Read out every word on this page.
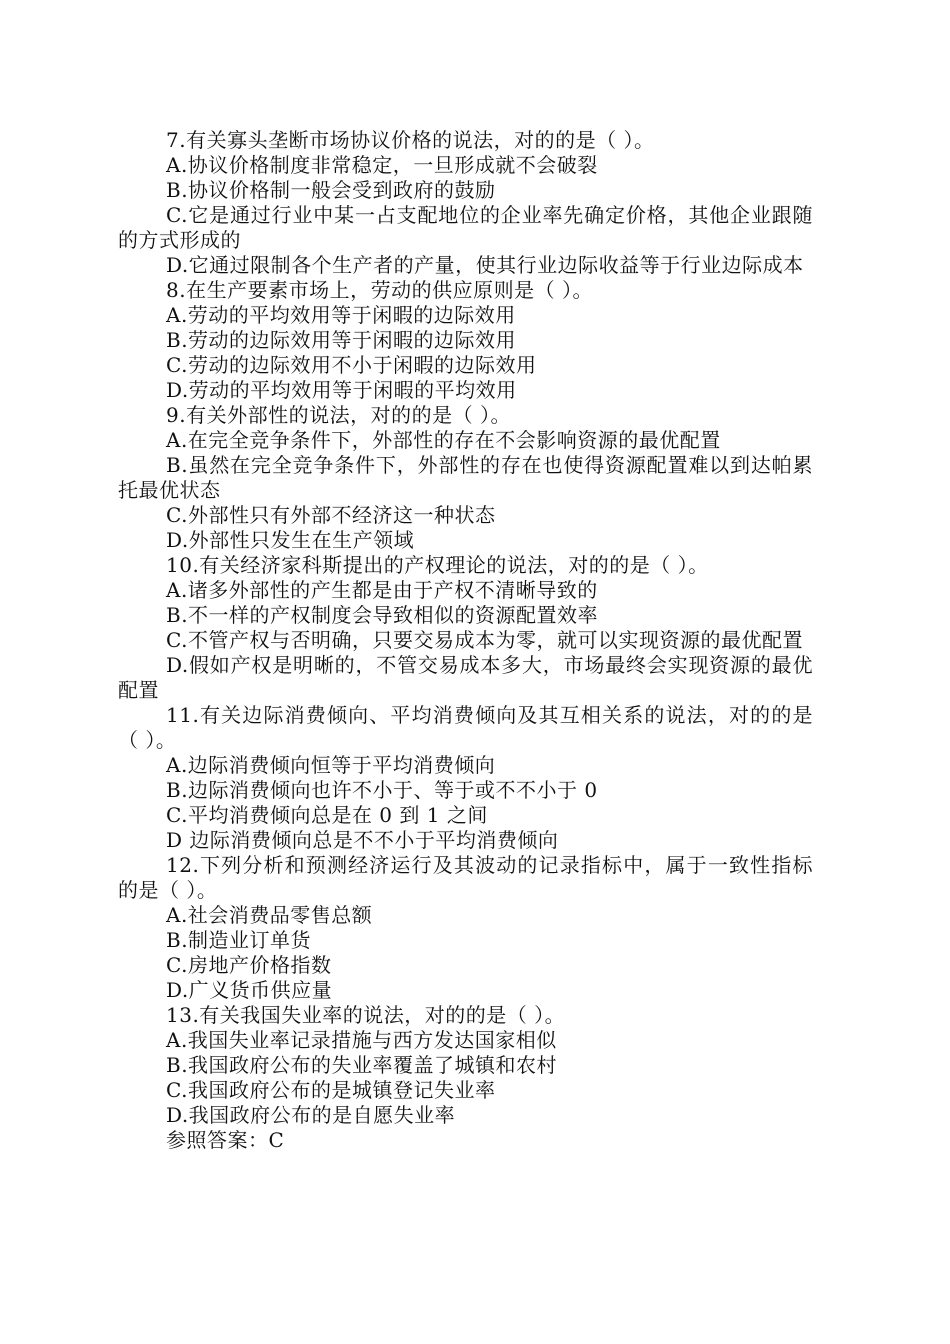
7.有关寡头垄断市场协议价格的说法，对的的是（ ）。
A.协议价格制度非常稳定，一旦形成就不会破裂
B.协议价格制一般会受到政府的鼓励
C.它是通过行业中某一占支配地位的企业率先确定价格，其他企业跟随的方式形成的
D.它通过限制各个生产者的产量，使其行业边际收益等于行业边际成本
8.在生产要素市场上，劳动的供应原则是（ ）。
A.劳动的平均效用等于闲暇的边际效用
B.劳动的边际效用等于闲暇的边际效用
C.劳动的边际效用不小于闲暇的边际效用
D.劳动的平均效用等于闲暇的平均效用
9.有关外部性的说法，对的的是（ ）。
A.在完全竞争条件下，外部性的存在不会影响资源的最优配置
B.虽然在完全竞争条件下，外部性的存在也使得资源配置难以到达帕累托最优状态
C.外部性只有外部不经济这一种状态
D.外部性只发生在生产领域
10.有关经济家科斯提出的产权理论的说法，对的的是（ ）。
A.诸多外部性的产生都是由于产权不清晰导致的
B.不一样的产权制度会导致相似的资源配置效率
C.不管产权与否明确，只要交易成本为零，就可以实现资源的最优配置
D.假如产权是明晰的，不管交易成本多大，市场最终会实现资源的最优配置
11.有关边际消费倾向、平均消费倾向及其互相关系的说法，对的的是（ ）。
A.边际消费倾向恒等于平均消费倾向
B.边际消费倾向也许不小于、等于或不不小于 0
C.平均消费倾向总是在 0 到 1 之间
D 边际消费倾向总是不不小于平均消费倾向
12.下列分析和预测经济运行及其波动的记录指标中，属于一致性指标的是（ ）。
A.社会消费品零售总额
B.制造业订单货
C.房地产价格指数
D.广义货币供应量
13.有关我国失业率的说法，对的的是（ ）。
A.我国失业率记录措施与西方发达国家相似
B.我国政府公布的失业率覆盖了城镇和农村
C.我国政府公布的是城镇登记失业率
D.我国政府公布的是自愿失业率
参照答案：C
